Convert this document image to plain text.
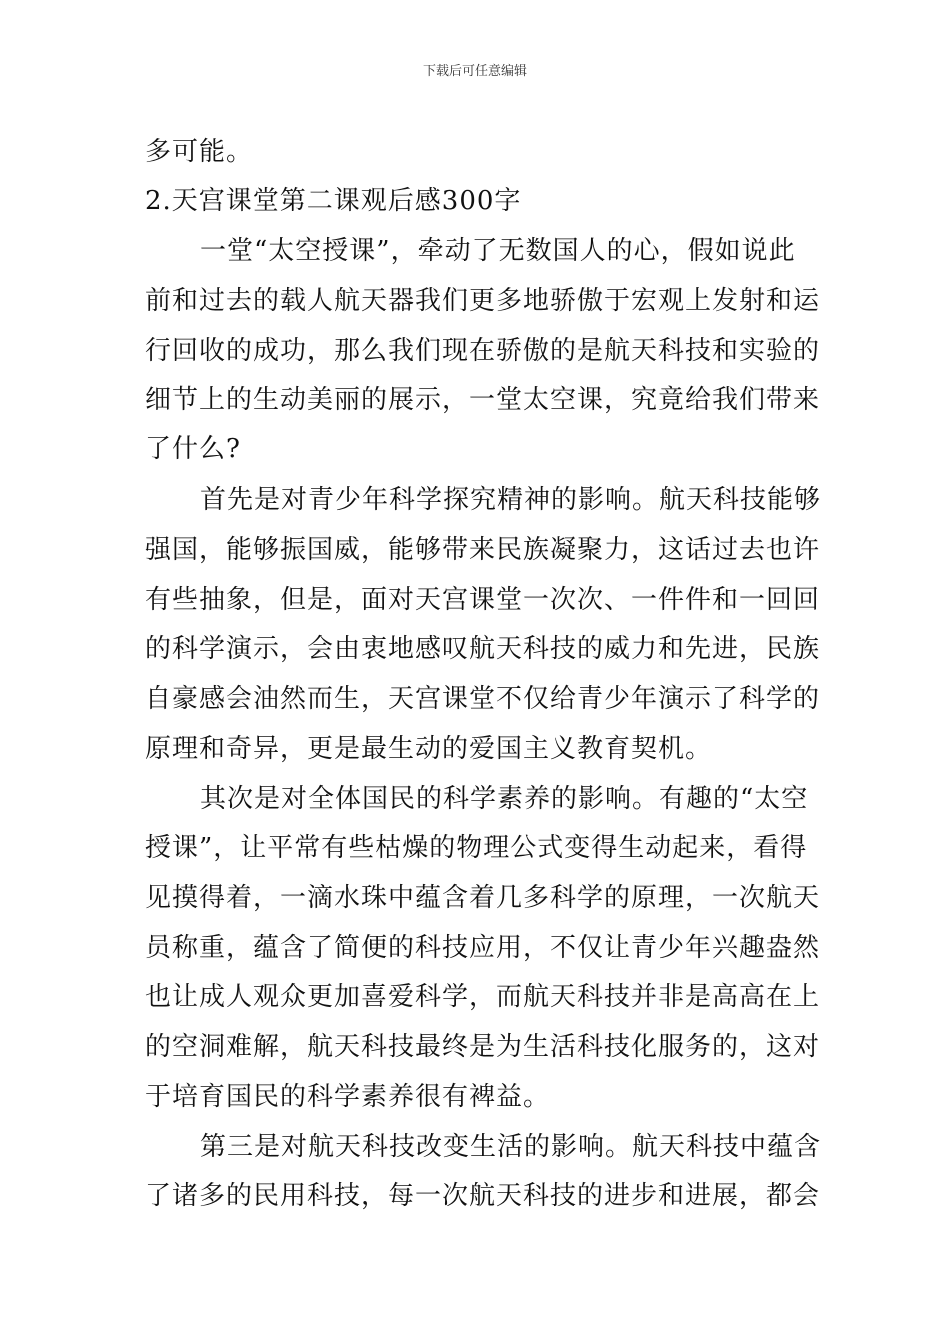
下载后可任意编辑
多可能。
2.天宫课堂第二课观后感300字
一堂“太空授课”，牵动了无数国人的心，假如说此
前和过去的载人航天器我们更多地骄傲于宏观上发射和运
行回收的成功，那么我们现在骄傲的是航天科技和实验的
细节上的生动美丽的展示，一堂太空课，究竟给我们带来
了什么?
首先是对青少年科学探究精神的影响。航天科技能够
强国，能够振国威，能够带来民族凝聚力，这话过去也许
有些抽象，但是，面对天宫课堂一次次、一件件和一回回
的科学演示，会由衷地感叹航天科技的威力和先进，民族
自豪感会油然而生，天宫课堂不仅给青少年演示了科学的
原理和奇异，更是最生动的爱国主义教育契机。
其次是对全体国民的科学素养的影响。有趣的“太空
授课”，让平常有些枯燥的物理公式变得生动起来，看得
见摸得着，一滴水珠中蕴含着几多科学的原理，一次航天
员称重，蕴含了简便的科技应用，不仅让青少年兴趣盎然
也让成人观众更加喜爱科学，而航天科技并非是高高在上
的空洞难解，航天科技最终是为生活科技化服务的，这对
于培育国民的科学素养很有裨益。
第三是对航天科技改变生活的影响。航天科技中蕴含
了诸多的民用科技，每一次航天科技的进步和进展，都会
